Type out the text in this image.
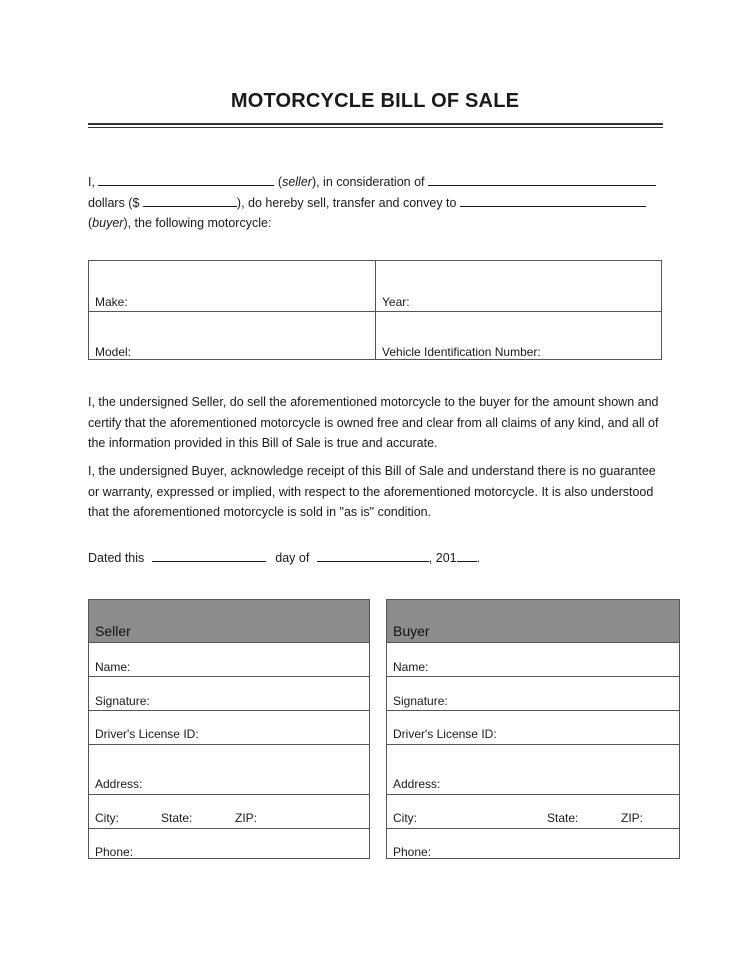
MOTORCYCLE BILL OF SALE
I,	(seller), in consideration of
dollars ($	), do hereby sell, transfer and convey to
(buyer), the following motorcycle:
Make:	Year:
Model:	Vehicle Identification Number:
I, the undersigned Seller, do sell the aforementioned motorcycle to the buyer for the amount shown and certify that the aforementioned motorcycle is owned free and clear from all claims of any kind, and all of the information provided in this Bill of Sale is true and accurate.
I, the undersigned Buyer, acknowledge receipt of this Bill of Sale and understand there is no guarantee or warranty, expressed or implied, with respect to the aforementioned motorcycle. It is also understood that the aforementioned motorcycle is sold in "as is" condition.
Dated this	day of	, 201 .
Seller
Name:
Signature:
Driver's License ID:
Address:
City:	State:	ZIP:
Phone:
Buyer
Name:
Signature:
Driver's License ID:
Address:
City:	State:	ZIP:
Phone:
